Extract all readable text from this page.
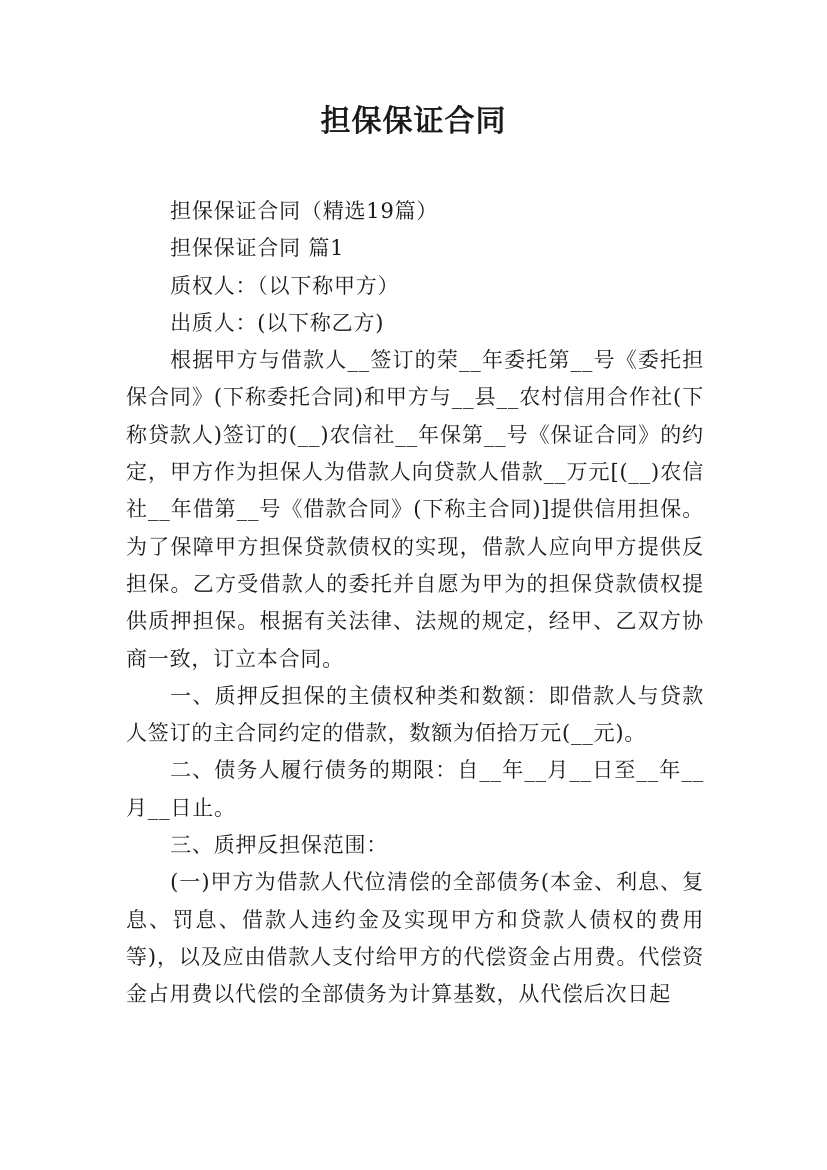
担保保证合同

担保保证合同（精选19篇）

担保保证合同 篇1

质权人：（以下称甲方）

出质人：(以下称乙方)

根据甲方与借款人__签订的荣__年委托第__号《委托担保合同》(下称委托合同)和甲方与__县__农村信用合作社(下称贷款人)签订的(__)农信社__年保第__号《保证合同》的约定，甲方作为担保人为借款人向贷款人借款__万元[(__)农信社__年借第__号《借款合同》(下称主合同)]提供信用担保。为了保障甲方担保贷款债权的实现，借款人应向甲方提供反担保。乙方受借款人的委托并自愿为甲为的担保贷款债权提供质押担保。根据有关法律、法规的规定，经甲、乙双方协商一致，订立本合同。

一、质押反担保的主债权种类和数额：即借款人与贷款人签订的主合同约定的借款，数额为佰拾万元(__元)。

二、债务人履行债务的期限：自__年__月__日至__年__月__日止。

三、质押反担保范围：

(一)甲方为借款人代位清偿的全部债务(本金、利息、复息、罚息、借款人违约金及实现甲方和贷款人债权的费用等)，以及应由借款人支付给甲方的代偿资金占用费。代偿资金占用费以代偿的全部债务为计算基数，从代偿后次日起
